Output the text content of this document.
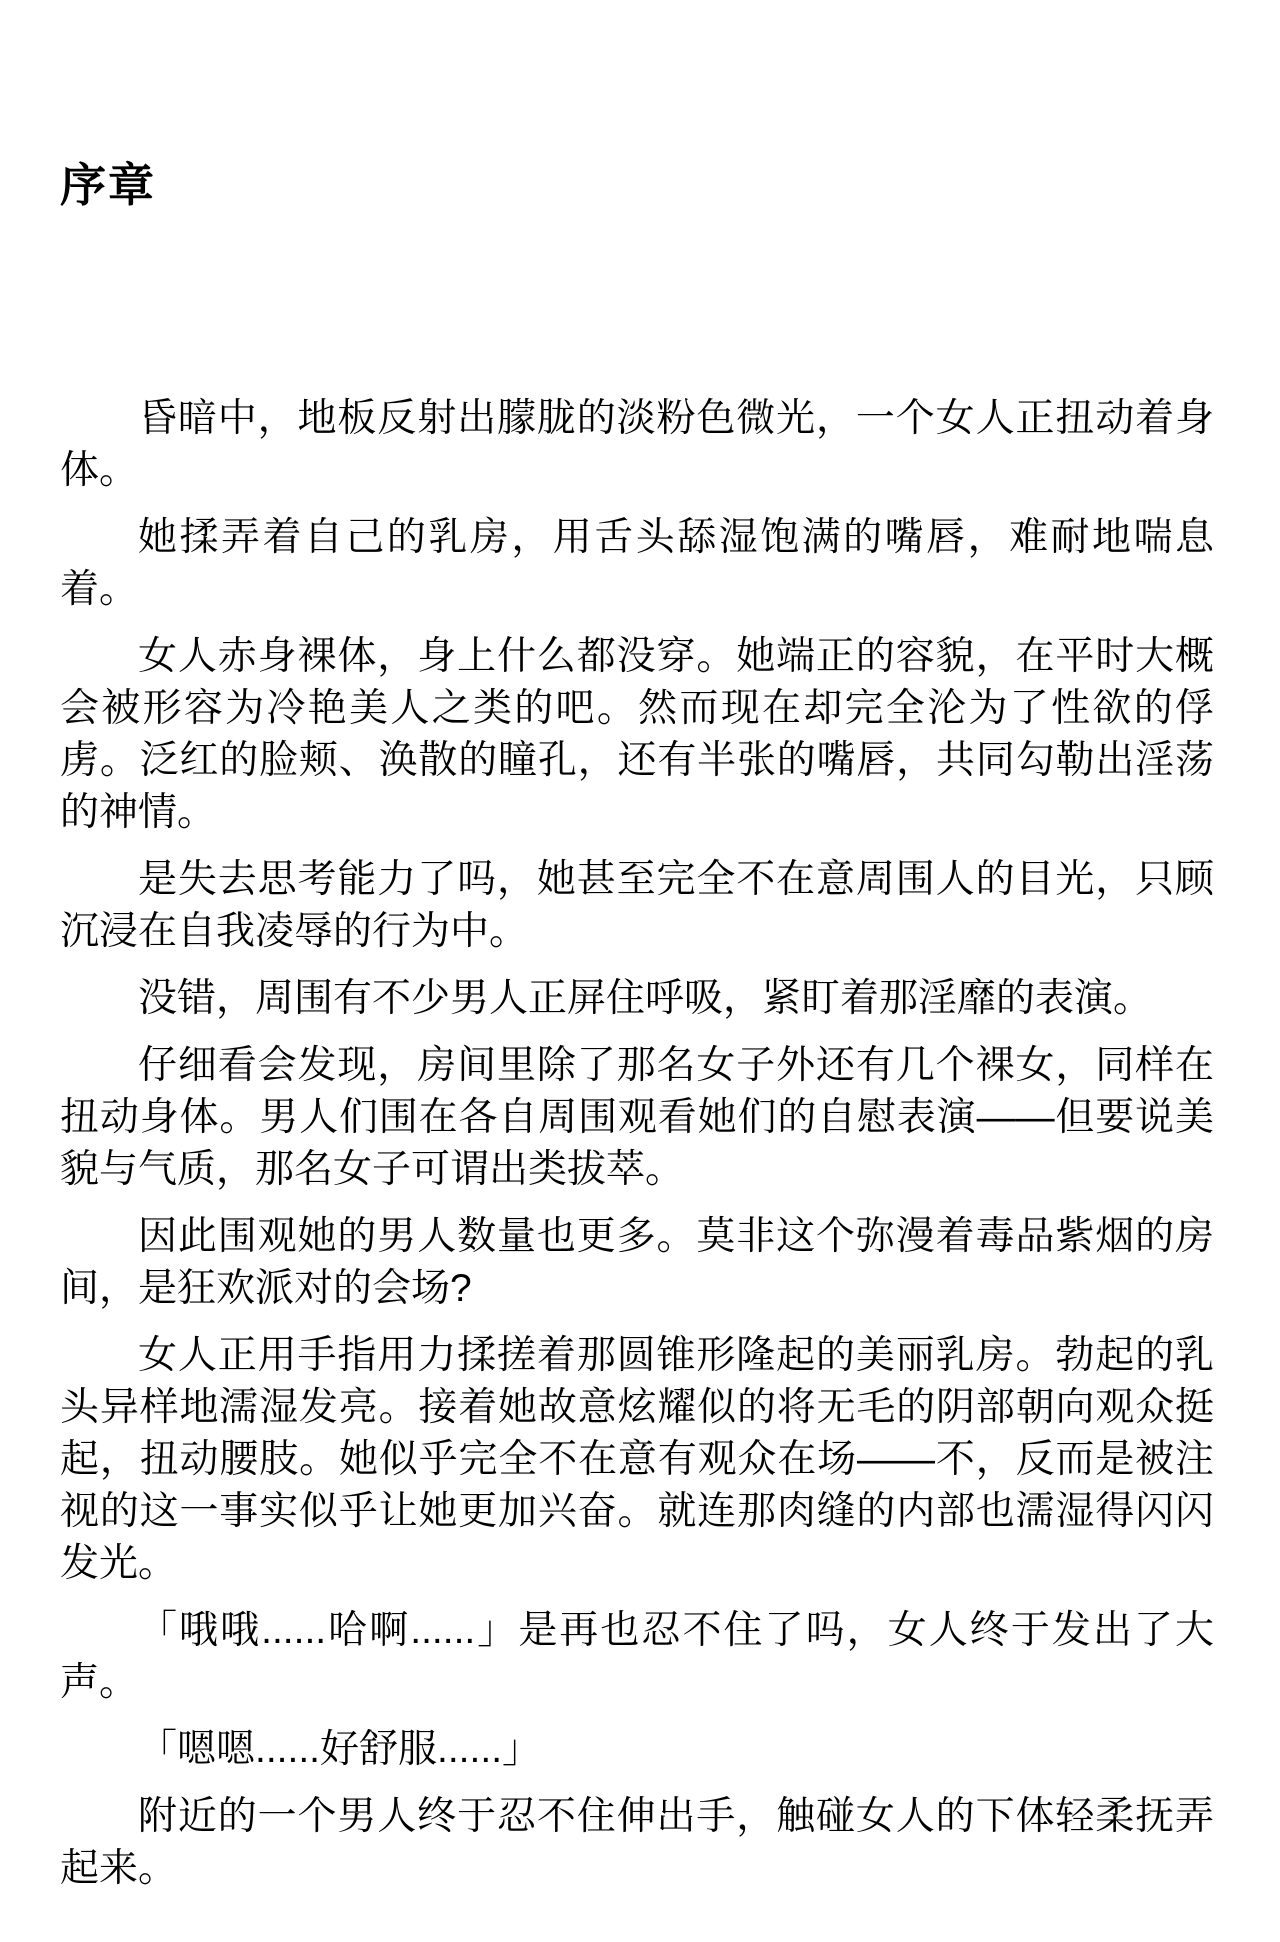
序章

昏暗中，地板反射出朦胧的淡粉色微光，一个女人正扭动着身体。

她揉弄着自己的乳房，用舌头舔湿饱满的嘴唇，难耐地喘息着。

女人赤身裸体，身上什么都没穿。她端正的容貌，在平时大概会被形容为冷艳美人之类的吧。然而现在却完全沦为了性欲的俘虏。泛红的脸颊、涣散的瞳孔，还有半张的嘴唇，共同勾勒出淫荡的神情。

是失去思考能力了吗，她甚至完全不在意周围人的目光，只顾沉浸在自我凌辱的行为中。

没错，周围有不少男人正屏住呼吸，紧盯着那淫靡的表演。

仔细看会发现，房间里除了那名女子外还有几个裸女，同样在扭动身体。男人们围在各自周围观看她们的自慰表演——但要说美貌与气质，那名女子可谓出类拔萃。

因此围观她的男人数量也更多。莫非这个弥漫着毒品紫烟的房间，是狂欢派对的会场?

女人正用手指用力揉搓着那圆锥形隆起的美丽乳房。勃起的乳头异样地濡湿发亮。接着她故意炫耀似的将无毛的阴部朝向观众挺起，扭动腰肢。她似乎完全不在意有观众在场——不，反而是被注视的这一事实似乎让她更加兴奋。就连那肉缝的内部也濡湿得闪闪发光。

「哦哦......哈啊......」是再也忍不住了吗，女人终于发出了大声。

「嗯嗯......好舒服......」

附近的一个男人终于忍不住伸出手，触碰女人的下体轻柔抚弄起来。
